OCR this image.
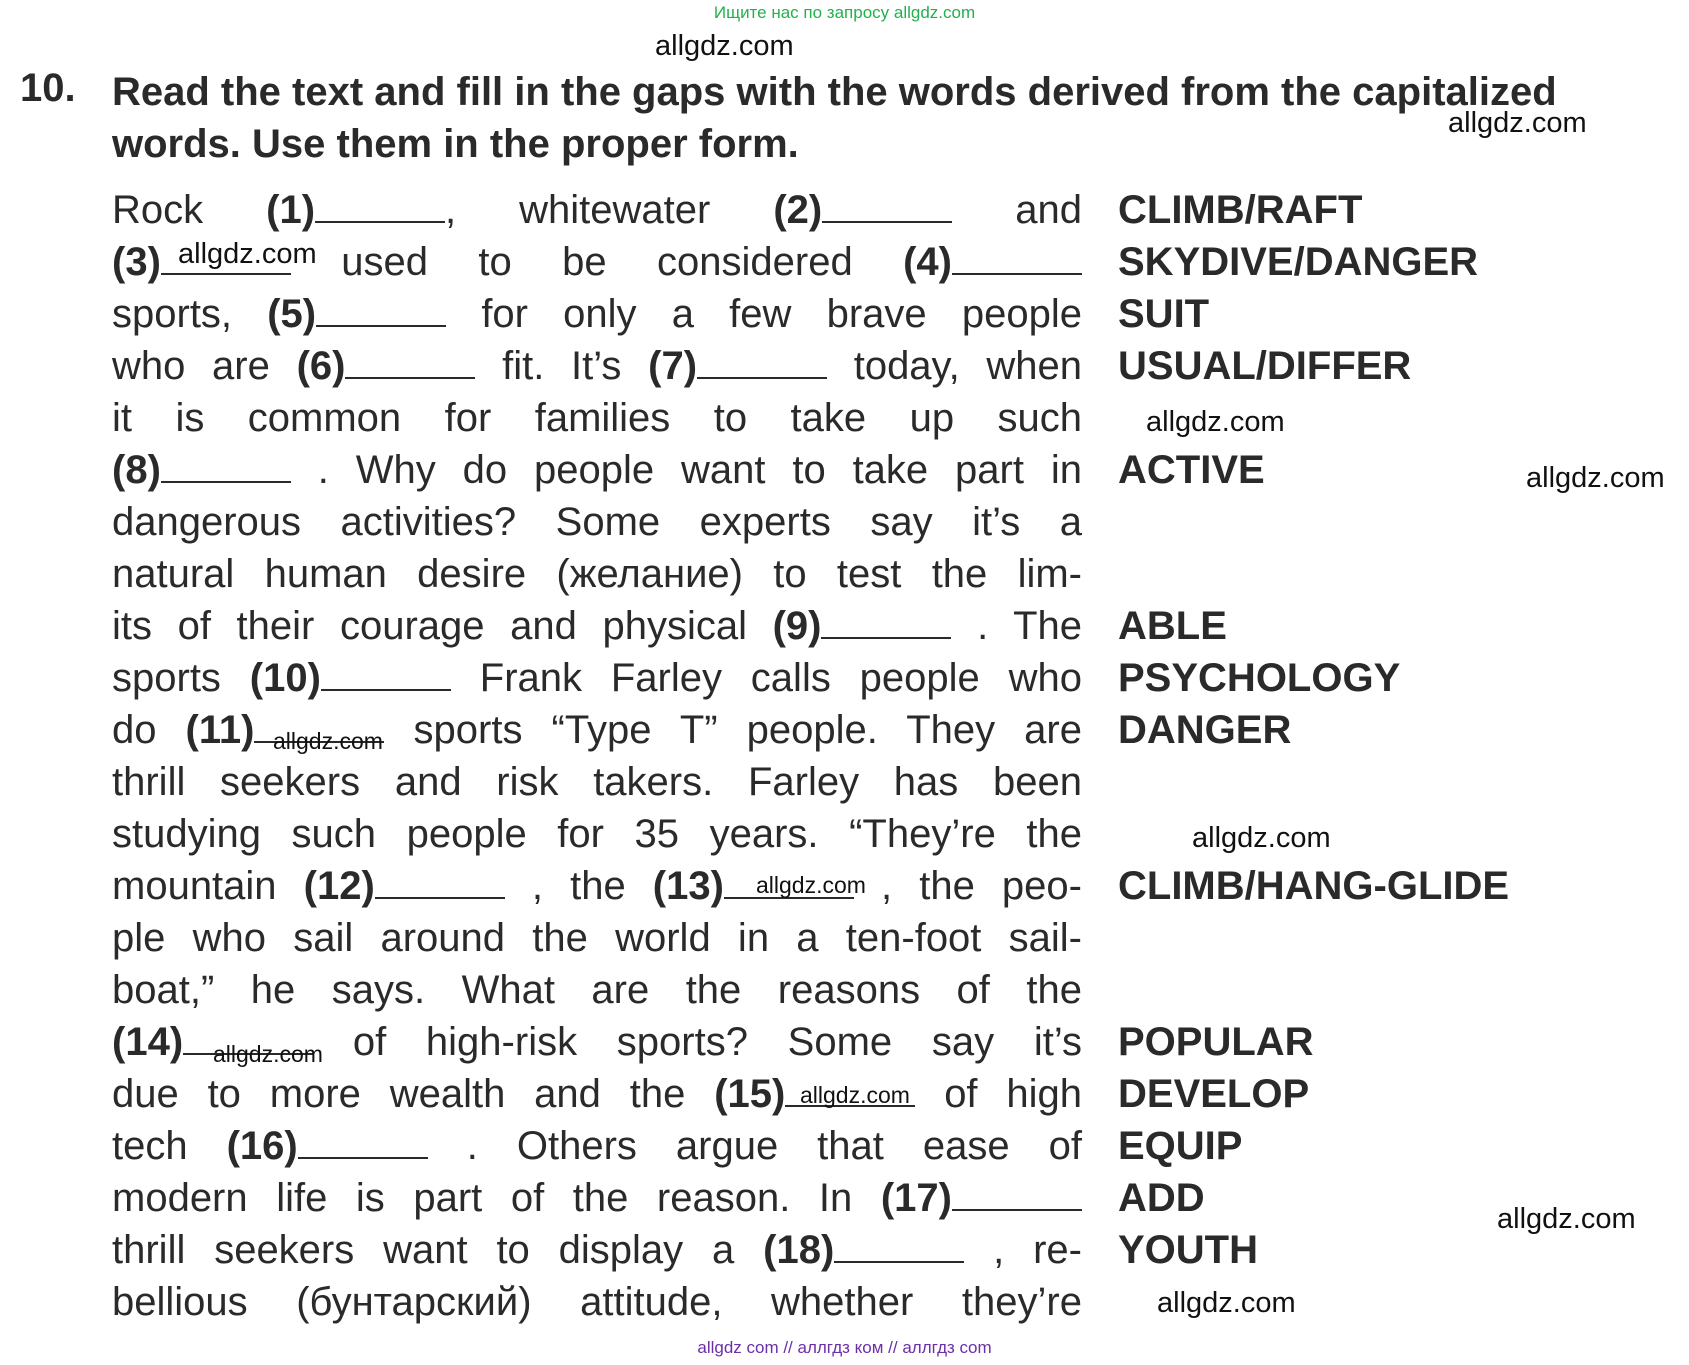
Ищите нас по запросу allgdz.com
allgdz.com
allgdz.com
10. Read the text and fill in the gaps with the words derived from the capitalized words. Use them in the proper form.
Rock (1)	, whitewater (2)	and
(3)	used to be considered (4)
sports, (5)	for only a few brave people
who are (6)	fit. It’s (7)	today, when
it is common for families to take up such
(8)	. Why do people want to take part in
dangerous activities? Some experts say it’s a
natural human desire (желание) to test the lim-
its of their courage and physical (9)	. The
sports (10)	Frank Farley calls people who
do (11)	sports “Type T” people. They are
thrill seekers and risk takers. Farley has been
studying such people for 35 years. “They’re the
mountain (12)	, the (13)	, the peo-
ple who sail around the world in a ten-foot sail-
boat,” he says. What are the reasons of the
(14)	of high-risk sports? Some say it’s
due to more wealth and the (15)	of high
tech (16)	. Others argue that ease of
modern life is part of the reason. In (17)
thrill seekers want to display a (18)	, re-
bellious (бунтарский) attitude, whether they’re
CLIMB/RAFT
SKYDIVE/DANGER
SUIT
USUAL/DIFFER
ACTIVE
ABLE
PSYCHOLOGY
DANGER
CLIMB/HANG-GLIDE
POPULAR
DEVELOP
EQUIP
ADD
YOUTH
allgdz.com
allgdz.com
allgdz.com
allgdz.com
allgdz.com
allgdz.com
allgdz.com
allgdz.com
allgdz.com
allgdz.com
allgdz com // аллгдз ком // аллгдз com
